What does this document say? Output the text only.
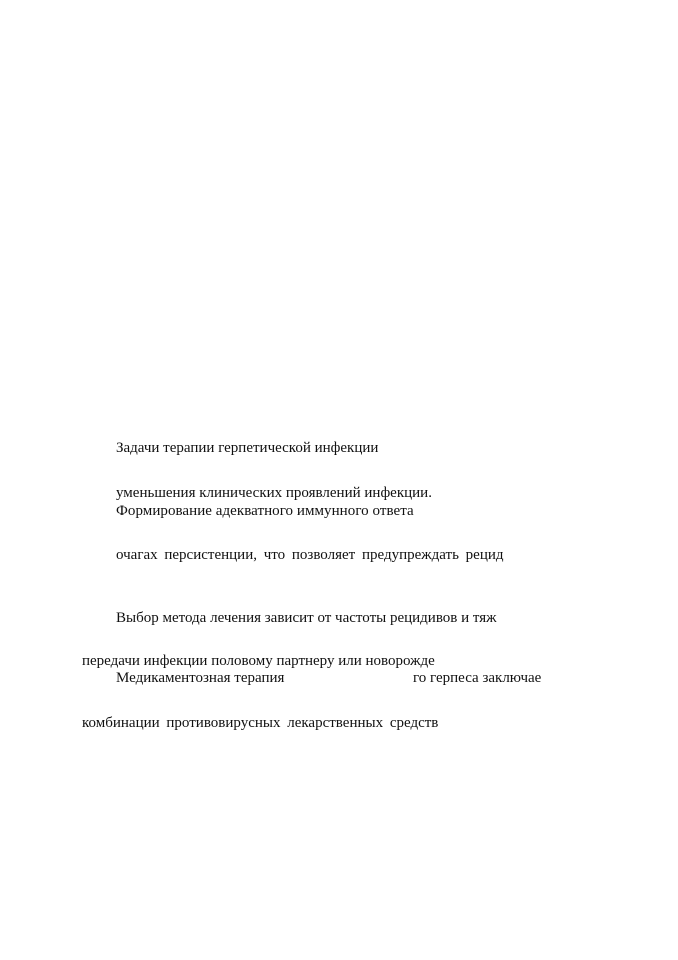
Задачи терапии герпетической инфекции
уменьшения клинических проявлений инфекции.
Формирование адекватного иммунного ответа
очагах персистенции, что позволяет предупреждать рецид
Выбор метода лечения зависит от частоты рецидивов и тяж
передачи инфекции половому партнеру или новорожде
Медикаментозная терапия	го герпеса заключае
комбинации противовирусных лекарственных средств
